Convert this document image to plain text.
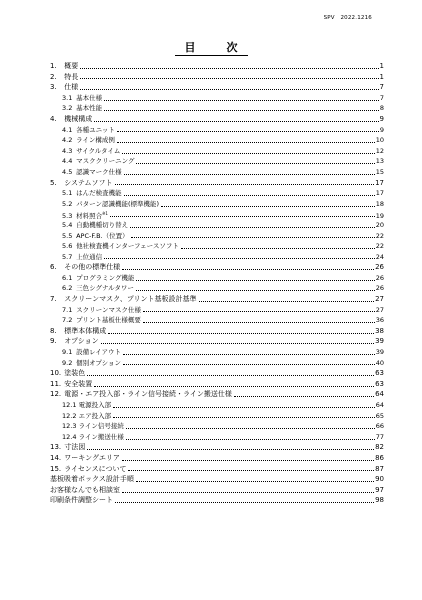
SPV　2022.1216
目　次
1. 概要	1
2. 特長	1
3. 仕様	7
3.1 基本仕様	7
3.2 基本性能	8
4. 機械構成	9
4.1 各種ユニット	9
4.2 ライン構成例	10
4.3 サイクルタイム	12
4.4 マスククリーニング	13
4.5 認識マーク仕様	15
5. システムソフト	17
5.1 はんだ検査機能	17
5.2 パターン認識機能(標準機能)	18
5.3 材料照合$^{※1}$	19
5.4 自動機種切り替え	20
5.5 APC-F.B.（位置）	22
5.6 他社検査機インターフェースソフト	22
5.7 上位通信	24
6. その他の標準仕様	26
6.1 プログラミング機能	26
6.2 三色シグナルタワー	26
7. スクリーンマスク、プリント基板設計基準	27
7.1 スクリーンマスク仕様	27
7.2 プリント基板仕様概要	36
8. 標準本体構成	38
9. オプション	39
9.1 設備レイアウト	39
9.2 個別オプション	40
10. 塗装色	63
11. 安全装置	63
12. 電源・エア投入部・ライン信号接続・ライン搬送仕様	64
12.1 電源投入部	64
12.2 エア投入部	65
12.3 ライン信号接続	66
12.4 ライン搬送仕様	77
13. 寸法図	82
14. ワーキングエリア	86
15. ライセンスについて	87
基板吸着ボックス設計手順	90
お客様なんでも相談室	97
印刷条件調整シート	98
